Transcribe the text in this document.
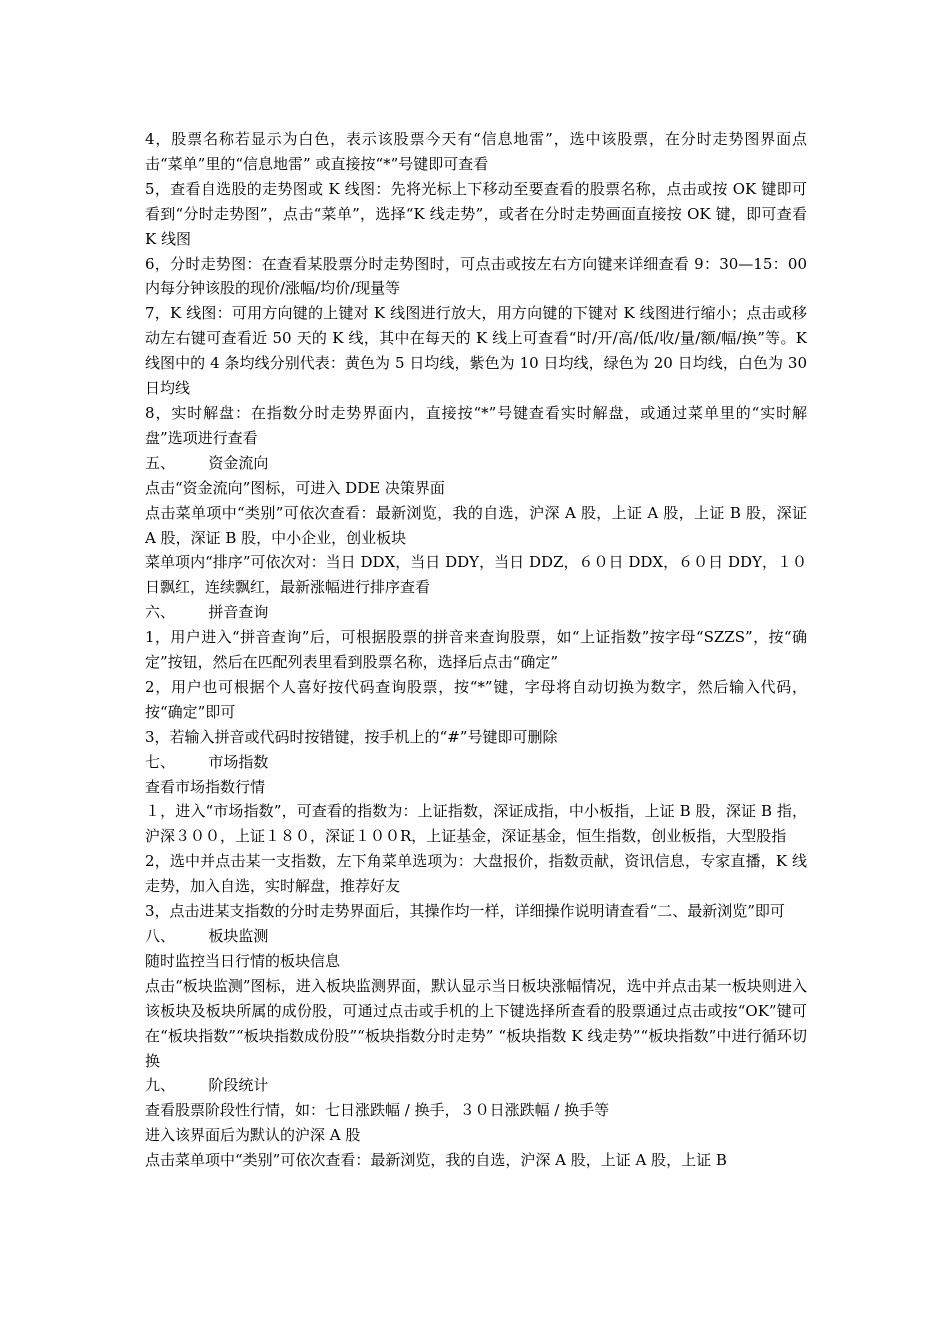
4，股票名称若显示为白色，表示该股票今天有“信息地雷”，选中该股票，在分时走势图界面点击“菜单”里的“信息地雷” 或直接按“*”号键即可查看

5，查看自选股的走势图或 K 线图：先将光标上下移动至要查看的股票名称，点击或按 OK 键即可看到“分时走势图”，点击“菜单”，选择“K 线走势”，或者在分时走势画面直接按 OK 键，即可查看 K 线图

6，分时走势图：在查看某股票分时走势图时，可点击或按左右方向键来详细查看 9：30—15：00 内每分钟该股的现价/涨幅/均价/现量等

7，K 线图：可用方向键的上键对 K 线图进行放大，用方向键的下键对 K 线图进行缩小；点击或移动左右键可查看近 50 天的 K 线，其中在每天的 K 线上可查看“时/开/高/低/收/量/额/幅/换”等。K 线图中的 4 条均线分别代表：黄色为 5 日均线，紫色为 10 日均线，绿色为 20 日均线，白色为 30 日均线

8，实时解盘：在指数分时走势界面内，直接按“*”号键查看实时解盘，或通过菜单里的“实时解盘”选项进行查看

五、       资金流向

点击“资金流向”图标，可进入 DDE 决策界面

点击菜单项中“类别”可依次查看：最新浏览，我的自选，沪深 A 股，上证 A 股，上证 B 股，深证 A 股，深证 B 股，中小企业，创业板块

菜单项内“排序”可依次对：当日 DDX，当日 DDY，当日 DDZ，６０日 DDX，６０日 DDY，１０日飘红，连续飘红，最新涨幅进行排序查看

六、       拼音查询

1，用户进入“拼音查询”后，可根据股票的拼音来查询股票，如“上证指数”按字母“SZZS”，按“确定”按钮，然后在匹配列表里看到股票名称，选择后点击“确定”

2，用户也可根据个人喜好按代码查询股票，按“*”键，字母将自动切换为数字，然后输入代码，按“确定”即可

3，若输入拼音或代码时按错键，按手机上的“#”号键即可删除

七、       市场指数

查看市场指数行情

１，进入“市场指数”，可查看的指数为：上证指数，深证成指，中小板指，上证 B 股，深证 B 指，沪深３００，上证１８０，深证１００R，上证基金，深证基金，恒生指数，创业板指，大型股指

2，选中并点击某一支指数，左下角菜单选项为：大盘报价，指数贡献，资讯信息，专家直播，K 线走势，加入自选，实时解盘，推荐好友

3，点击进某支指数的分时走势界面后，其操作均一样，详细操作说明请查看“二、最新浏览”即可

八、       板块监测

随时监控当日行情的板块信息

点击“板块监测”图标，进入板块监测界面，默认显示当日板块涨幅情况，选中并点击某一板块则进入该板块及板块所属的成份股，可通过点击或手机的上下键选择所查看的股票通过点击或按“OK”键可在“板块指数”“板块指数成份股”“板块指数分时走势” “板块指数 K 线走势”“板块指数”中进行循环切换

九、       阶段统计

查看股票阶段性行情，如：七日涨跌幅 / 换手，３０日涨跌幅 / 换手等

进入该界面后为默认的沪深 A 股

点击菜单项中“类别”可依次查看：最新浏览，我的自选，沪深 A 股，上证 A 股，上证 B
